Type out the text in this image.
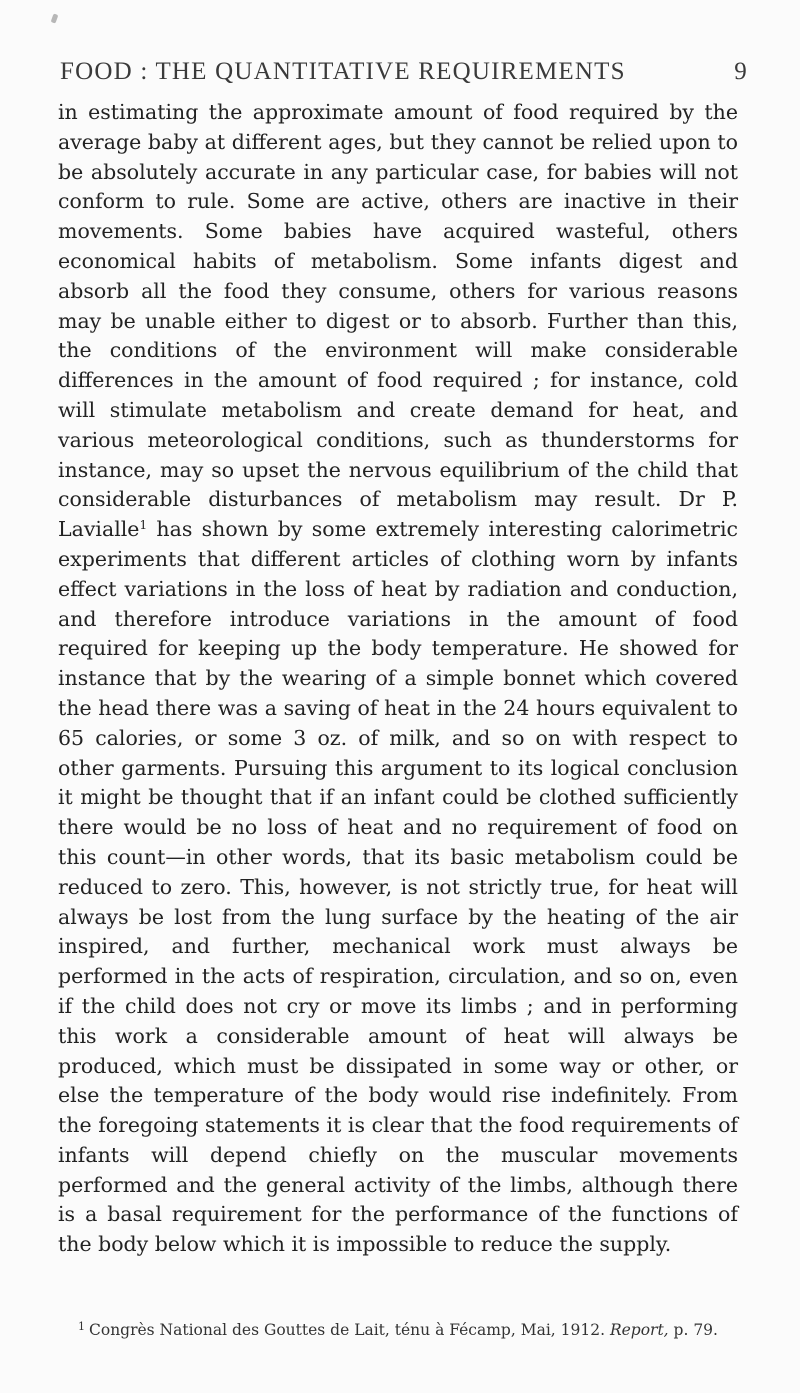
FOOD : THE QUANTITATIVE REQUIREMENTS	9

in estimating the approximate amount of food required by the average baby at different ages, but they cannot be relied upon to be absolutely accurate in any particular case, for babies will not conform to rule. Some are active, others are inactive in their movements. Some babies have acquired wasteful, others economical habits of metabolism. Some infants digest and absorb all the food they consume, others for various reasons may be unable either to digest or to absorb. Further than this, the conditions of the environment will make considerable differences in the amount of food required ; for instance, cold will stimulate metabolism and create demand for heat, and various meteorological conditions, such as thunderstorms for instance, may so upset the nervous equilibrium of the child that considerable disturbances of metabolism may result. Dr P. Lavialle$^1$ has shown by some extremely interesting calorimetric experiments that different articles of clothing worn by infants effect variations in the loss of heat by radiation and conduction, and therefore introduce variations in the amount of food required for keeping up the body temperature. He showed for instance that by the wearing of a simple bonnet which covered the head there was a saving of heat in the 24 hours equivalent to 65 calories, or some 3 oz. of milk, and so on with respect to other garments. Pursuing this argument to its logical conclusion it might be thought that if an infant could be clothed sufficiently there would be no loss of heat and no requirement of food on this count—in other words, that its basic metabolism could be reduced to zero. This, however, is not strictly true, for heat will always be lost from the lung surface by the heating of the air inspired, and further, mechanical work must always be performed in the acts of respiration, circulation, and so on, even if the child does not cry or move its limbs ; and in performing this work a considerable amount of heat will always be produced, which must be dissipated in some way or other, or else the temperature of the body would rise indefinitely. From the foregoing statements it is clear that the food requirements of infants will depend chiefly on the muscular movements performed and the general activity of the limbs, although there is a basal requirement for the performance of the functions of the body below which it is impossible to reduce the supply.

$^1$ Congrès National des Gouttes de Lait, ténu à Fécamp, Mai, 1912. Report, p. 79.
